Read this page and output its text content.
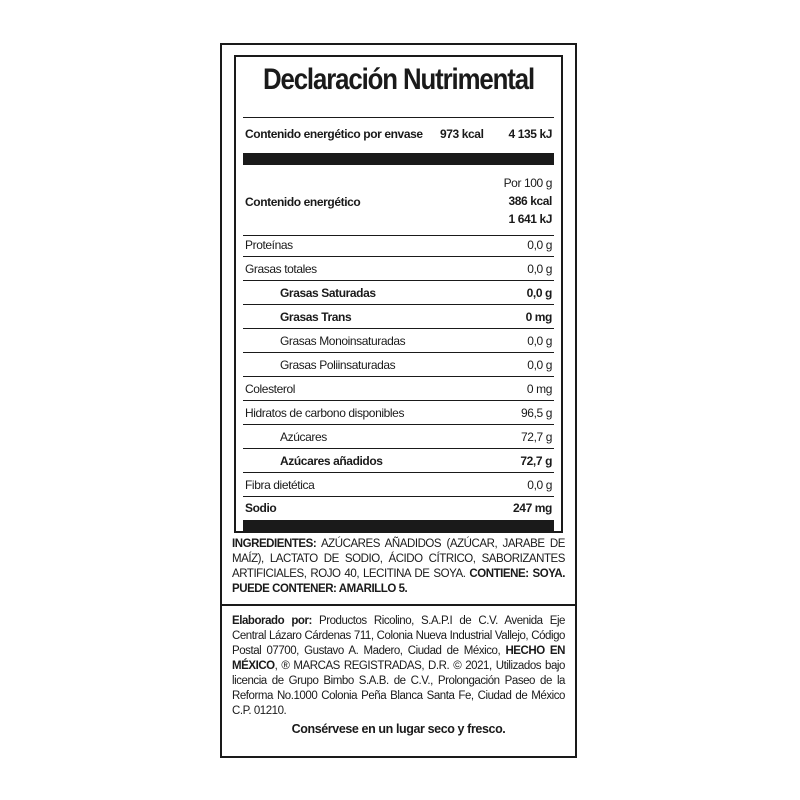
Declaración Nutrimental
Contenido energético por envase 973 kcal 4 135 kJ
Contenido energético
Por 100 g
386 kcal
1 641 kJ
Proteínas	0,0 g
Grasas totales	0,0 g
Grasas Saturadas	0,0 g
Grasas Trans	0 mg
Grasas Monoinsaturadas	0,0 g
Grasas Poliinsaturadas	0,0 g
Colesterol	0 mg
Hidratos de carbono disponibles	96,5 g
Azúcares	72,7 g
Azúcares añadidos	72,7 g
Fibra dietética	0,0 g
Sodio	247 mg
INGREDIENTES: AZÚCARES AÑADIDOS (AZÚCAR, JARABE DE MAÍZ), LACTATO DE SODIO, ÁCIDO CÍTRICO, SABORIZANTES ARTIFICIALES, ROJO 40, LECITINA DE SOYA. CONTIENE: SOYA. PUEDE CONTENER: AMARILLO 5.
Elaborado por: Productos Ricolino, S.A.P.I de C.V. Avenida Eje Central Lázaro Cárdenas 711, Colonia Nueva Industrial Vallejo, Código Postal 07700, Gustavo A. Madero, Ciudad de México, HECHO EN MÉXICO, ® MARCAS REGISTRADAS, D.R. © 2021, Utilizados bajo licencia de Grupo Bimbo S.A.B. de C.V., Prolongación Paseo de la Reforma No.1000 Colonia Peña Blanca Santa Fe, Ciudad de México C.P. 01210.
Consérvese en un lugar seco y fresco.
